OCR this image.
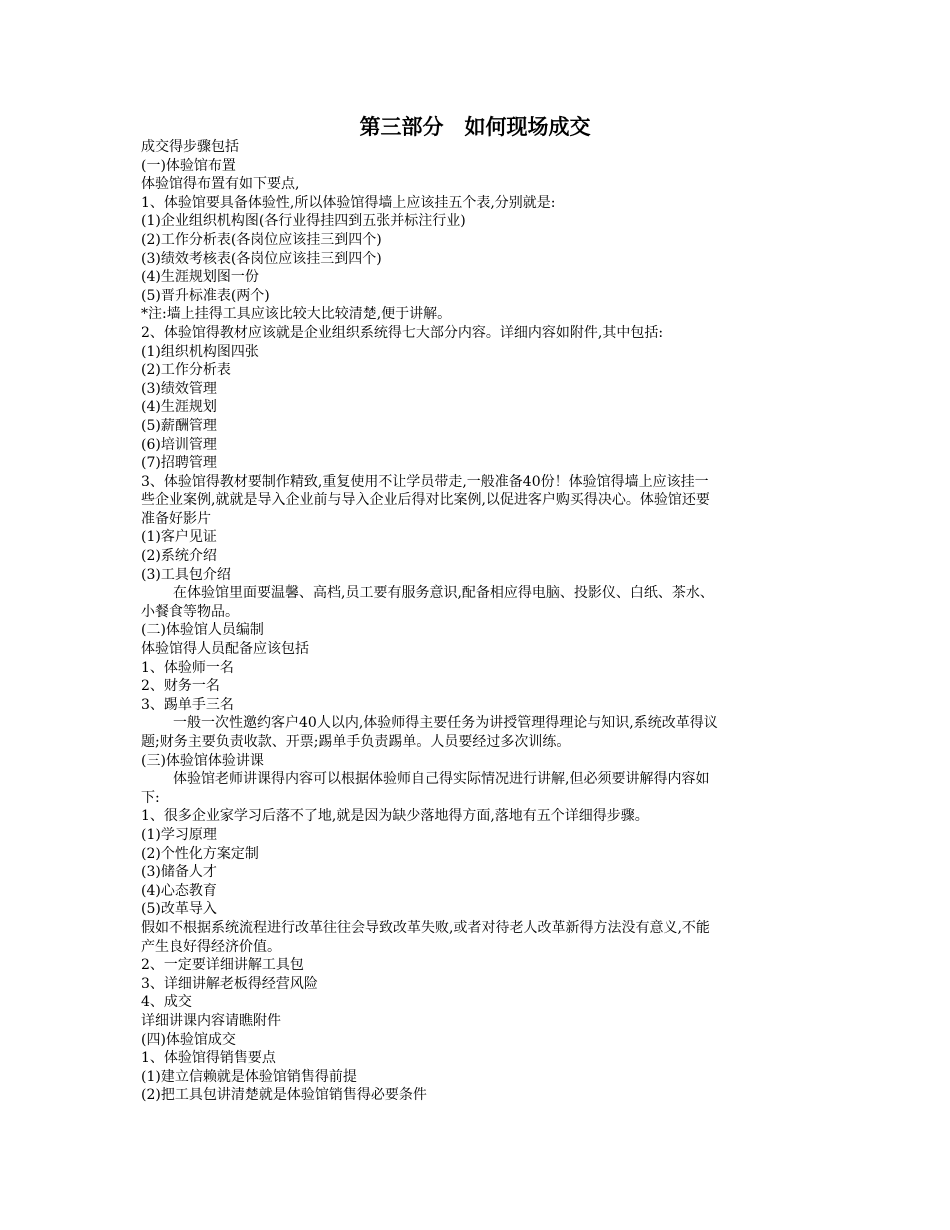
第三部分　如何现场成交

成交得步骤包括

(一)体验馆布置

体验馆得布置有如下要点,

1、体验馆要具备体验性,所以体验馆得墙上应该挂五个表,分别就是:

(1)企业组织机构图(各行业得挂四到五张并标注行业)

(2)工作分析表(各岗位应该挂三到四个)

(3)绩效考核表(各岗位应该挂三到四个)

(4)生涯规划图一份

(5)晋升标准表(两个)

*注:墙上挂得工具应该比较大比较清楚,便于讲解。

2、体验馆得教材应该就是企业组织系统得七大部分内容。详细内容如附件,其中包括:

(1)组织机构图四张

(2)工作分析表

(3)绩效管理

(4)生涯规划

(5)薪酬管理

(6)培训管理

(7)招聘管理

3、体验馆得教材要制作精致,重复使用不让学员带走,一般准备40份！体验馆得墙上应该挂一

些企业案例,就就是导入企业前与导入企业后得对比案例,以促进客户购买得决心。体验馆还要

准备好影片

(1)客户见证

(2)系统介绍

(3)工具包介绍

在体验馆里面要温馨、高档,员工要有服务意识,配备相应得电脑、投影仪、白纸、茶水、

小餐食等物品。

(二)体验馆人员编制

体验馆得人员配备应该包括

1、体验师一名

2、财务一名

3、踢单手三名

一般一次性邀约客户40人以内,体验师得主要任务为讲授管理得理论与知识,系统改革得议

题;财务主要负责收款、开票;踢单手负责踢单。人员要经过多次训练。

(三)体验馆体验讲课

体验馆老师讲课得内容可以根据体验师自己得实际情况进行讲解,但必须要讲解得内容如

下:

1、很多企业家学习后落不了地,就是因为缺少落地得方面,落地有五个详细得步骤。

(1)学习原理

(2)个性化方案定制

(3)储备人才

(4)心态教育

(5)改革导入

假如不根据系统流程进行改革往往会导致改革失败,或者对待老人改革新得方法没有意义,不能

产生良好得经济价值。

2、一定要详细讲解工具包

3、详细讲解老板得经营风险

4、成交

详细讲课内容请瞧附件

(四)体验馆成交

1、体验馆得销售要点

(1)建立信赖就是体验馆销售得前提

(2)把工具包讲清楚就是体验馆销售得必要条件
